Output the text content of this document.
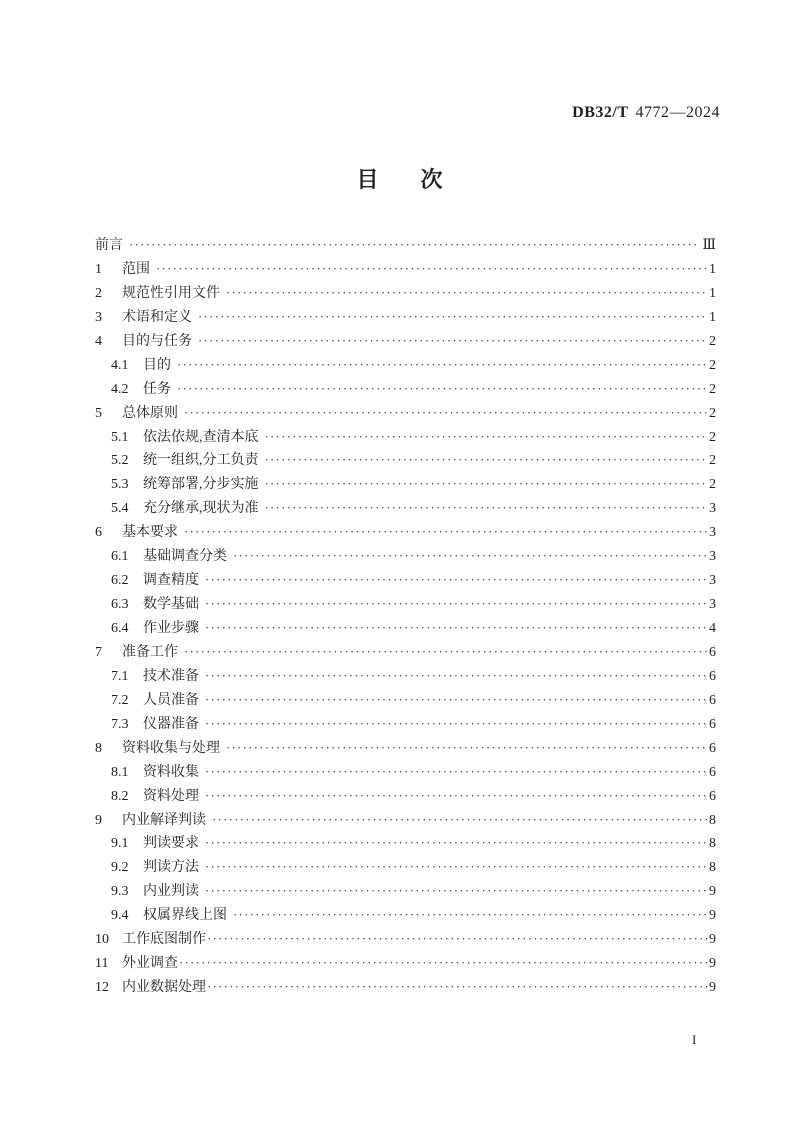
DB32/T 4772—2024
目 次
前言 ·····	Ⅲ
1	范围 ·····	1
2	规范性引用文件 ·····	1
3	术语和定义 ·····	1
4	目的与任务 ·····	2
4.1	目的 ·····	2
4.2	任务 ·····	2
5	总体原则 ·····	2
5.1	依法依规,查清本底 ·····	2
5.2	统一组织,分工负责 ·····	2
5.3	统筹部署,分步实施 ·····	2
5.4	充分继承,现状为准 ·····	3
6	基本要求 ·····	3
6.1	基础调查分类 ·····	3
6.2	调查精度 ·····	3
6.3	数学基础 ·····	3
6.4	作业步骤 ·····	4
7	准备工作 ·····	6
7.1	技术准备 ·····	6
7.2	人员准备 ·····	6
7.3	仪器准备 ·····	6
8	资料收集与处理 ·····	6
8.1	资料收集 ·····	6
8.2	资料处理 ·····	6
9	内业解译判读 ·····	8
9.1	判读要求 ·····	8
9.2	判读方法 ·····	8
9.3	内业判读 ·····	9
9.4	权属界线上图 ·····	9
10 工作底图制作 ·····	9
11 外业调查 ·····	9
12 内业数据处理 ·····	9
I
